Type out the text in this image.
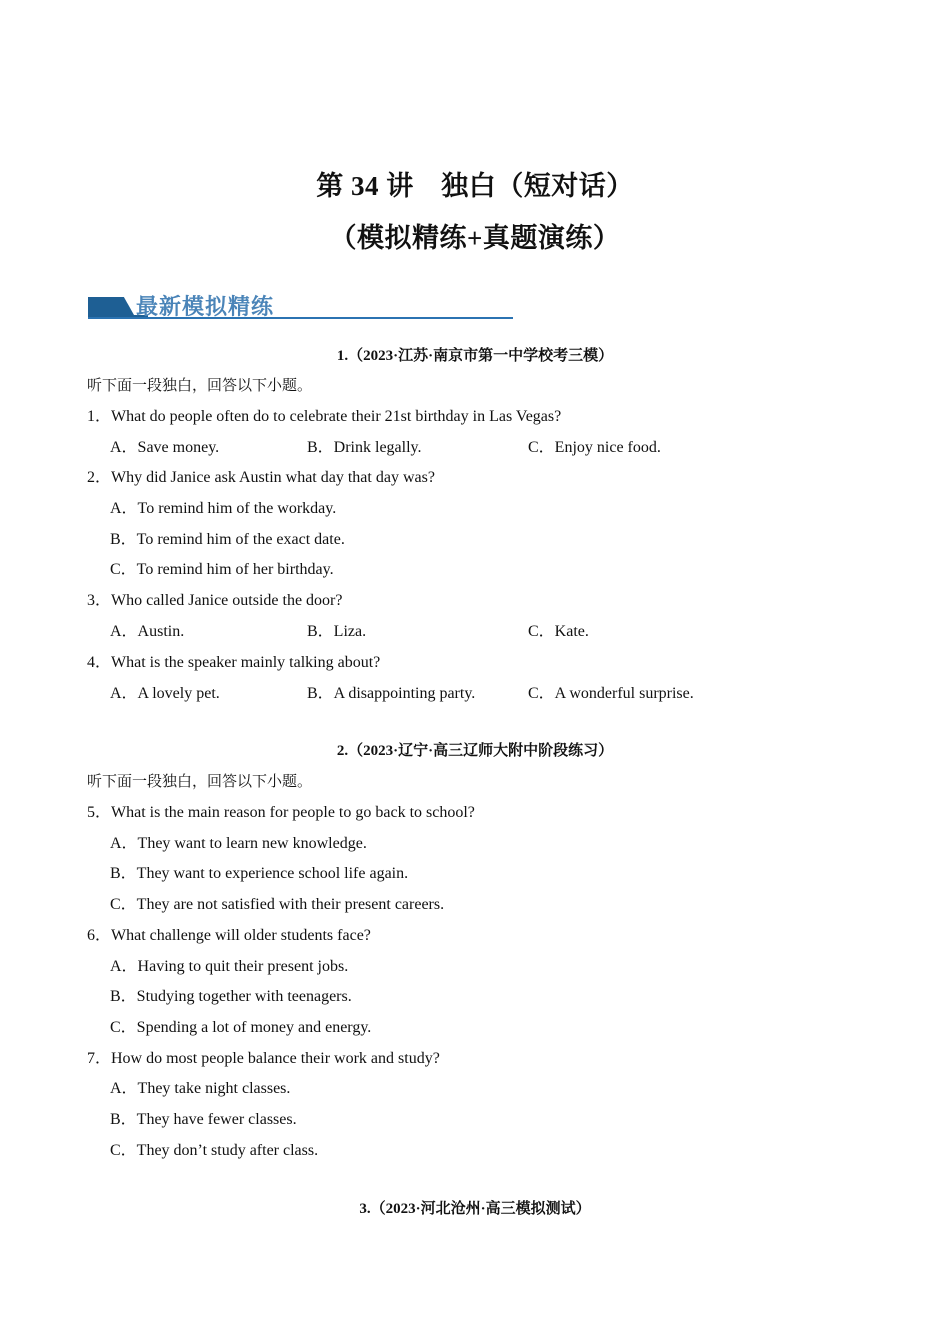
第 34 讲　独白（短对话）
（模拟精练+真题演练）
最新模拟精练
1.（2023·江苏·南京市第一中学校考三模）
听下面一段独白，回答以下小题。
1．What do people often do to celebrate their 21st birthday in Las Vegas?
A．Save money.	B．Drink legally.	C．Enjoy nice food.
2．Why did Janice ask Austin what day that day was?
A．To remind him of the workday.
B．To remind him of the exact date.
C．To remind him of her birthday.
3．Who called Janice outside the door?
A．Austin.	B．Liza.	C．Kate.
4．What is the speaker mainly talking about?
A．A lovely pet.	B．A disappointing party.	C．A wonderful surprise.
2.（2023·辽宁·高三辽师大附中阶段练习）
听下面一段独白，回答以下小题。
5．What is the main reason for people to go back to school?
A．They want to learn new knowledge.
B．They want to experience school life again.
C．They are not satisfied with their present careers.
6．What challenge will older students face?
A．Having to quit their present jobs.
B．Studying together with teenagers.
C．Spending a lot of money and energy.
7．How do most people balance their work and study?
A．They take night classes.
B．They have fewer classes.
C．They don’t study after class.
3.（2023·河北沧州·高三模拟测试）
